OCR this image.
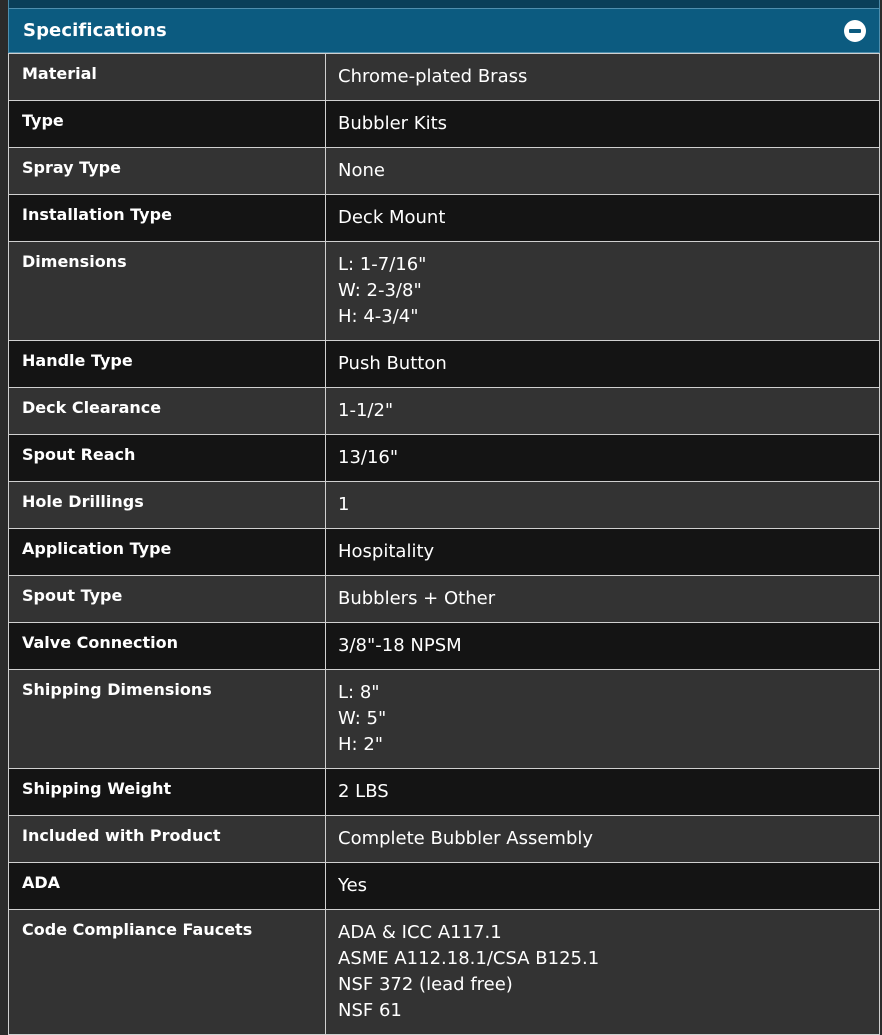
Specifications
Material	Chrome-plated Brass

Type	Bubbler Kits

Spray Type	None

Installation Type	Deck Mount

Dimensions	L: 1-7/16"
W: 2-3/8"
H: 4-3/4"

Handle Type	Push Button

Deck Clearance	1-1/2"

Spout Reach	13/16"

Hole Drillings	1

Application Type	Hospitality

Spout Type	Bubblers + Other

Valve Connection	3/8"-18 NPSM

Shipping Dimensions	L: 8"
W: 5"
H: 2"

Shipping Weight	2 LBS

Included with Product	Complete Bubbler Assembly

ADA	Yes

Code Compliance Faucets	ADA & ICC A117.1
ASME A112.18.1/CSA B125.1
NSF 372 (lead free)
NSF 61
